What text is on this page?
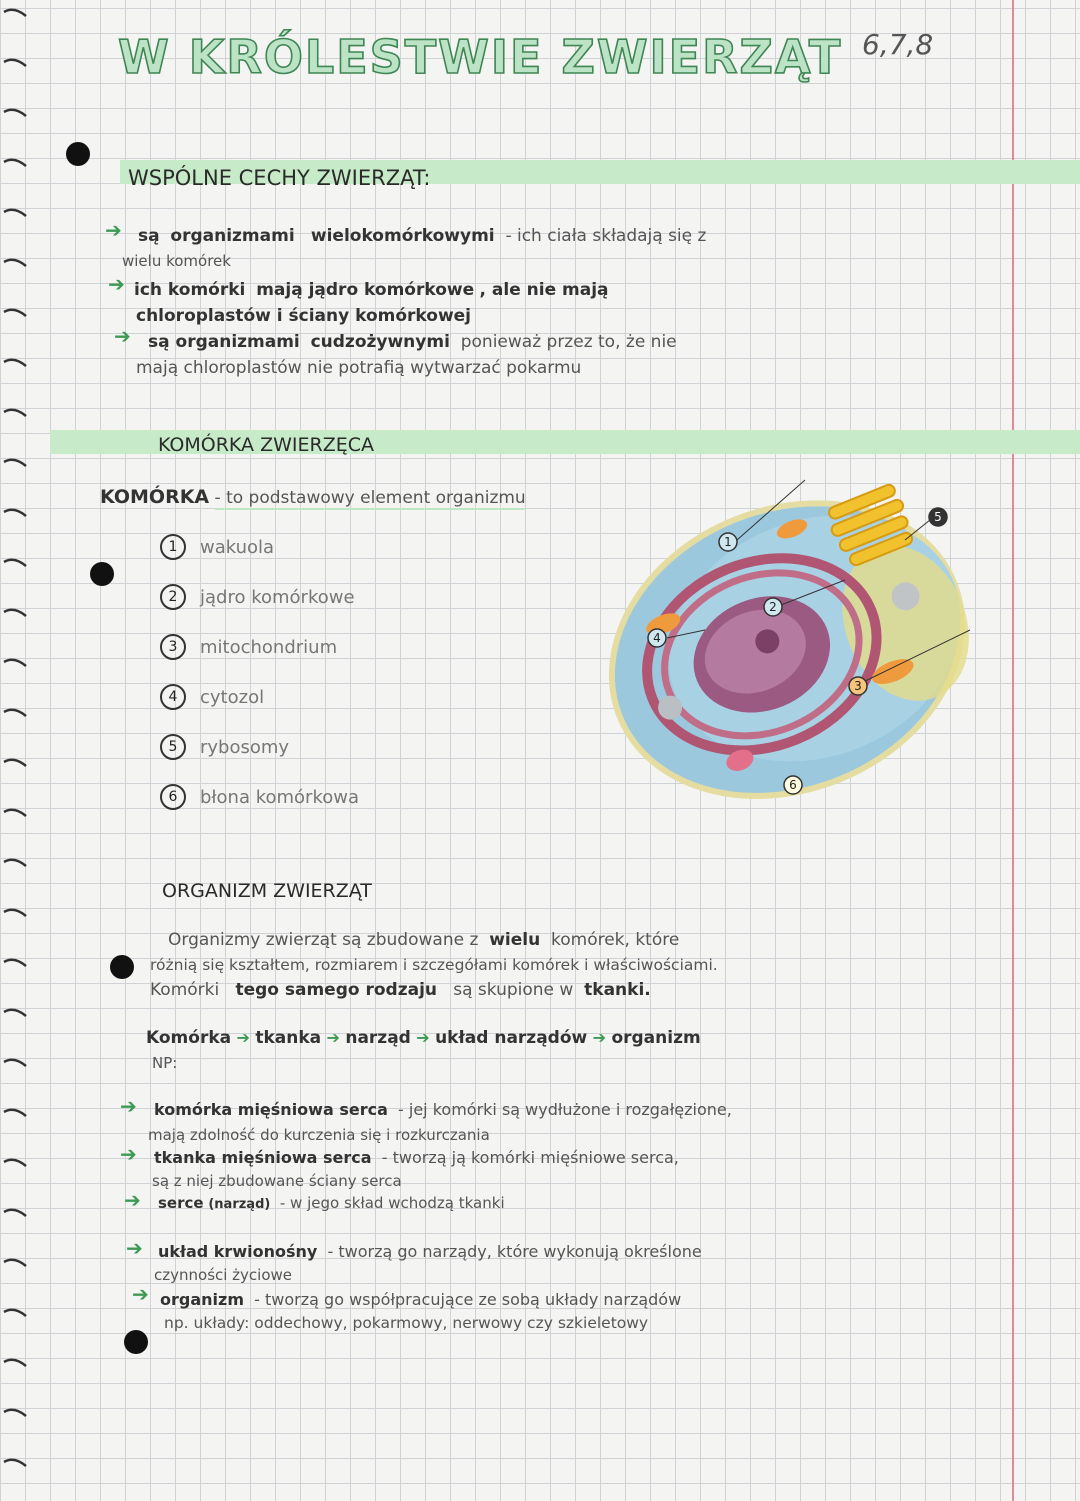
W KRÓLESTWIE ZWIERZĄT 6,7,8
WSPÓLNE CECHY ZWIERZĄT:
➔ są organizmami wielokomórkowymi - ich ciała składają się z
wielu komórek
➔ ich komórki mają jądro komórkowe , ale nie mają
chloroplastów i ściany komórkowej
➔ są organizmami cudzożywnymi ponieważ przez to, że nie
mają chloroplastów nie potrafią wytwarzać pokarmu
KOMÓRKA ZWIERZĘCA
KOMÓRKA - to podstawowy element organizmu
1	wakuola
2	jądro komórkowe
3	mitochondrium
4	cytozol
5	rybosomy
6	błona komórkowa
1
2
3
4
5
6
ORGANIZM ZWIERZĄT
Organizmy zwierząt są zbudowane z wielu komórek, które
różnią się kształtem, rozmiarem i szczegółami komórek i właściwościami.
Komórki tego samego rodzaju są skupione w tkanki.
Komórka ➔ tkanka ➔ narząd ➔ układ narządów ➔ organizm
NP:
➔ komórka mięśniowa serca - jej komórki są wydłużone i rozgałęzione,
mają zdolność do kurczenia się i rozkurczania
➔ tkanka mięśniowa serca - tworzą ją komórki mięśniowe serca,
są z niej zbudowane ściany serca
➔ serce (narząd) - w jego skład wchodzą tkanki
➔ układ krwionośny - tworzą go narządy, które wykonują określone
czynności życiowe
➔ organizm - tworzą go współpracujące ze sobą układy narządów
np. układy: oddechowy, pokarmowy, nerwowy czy szkieletowy
